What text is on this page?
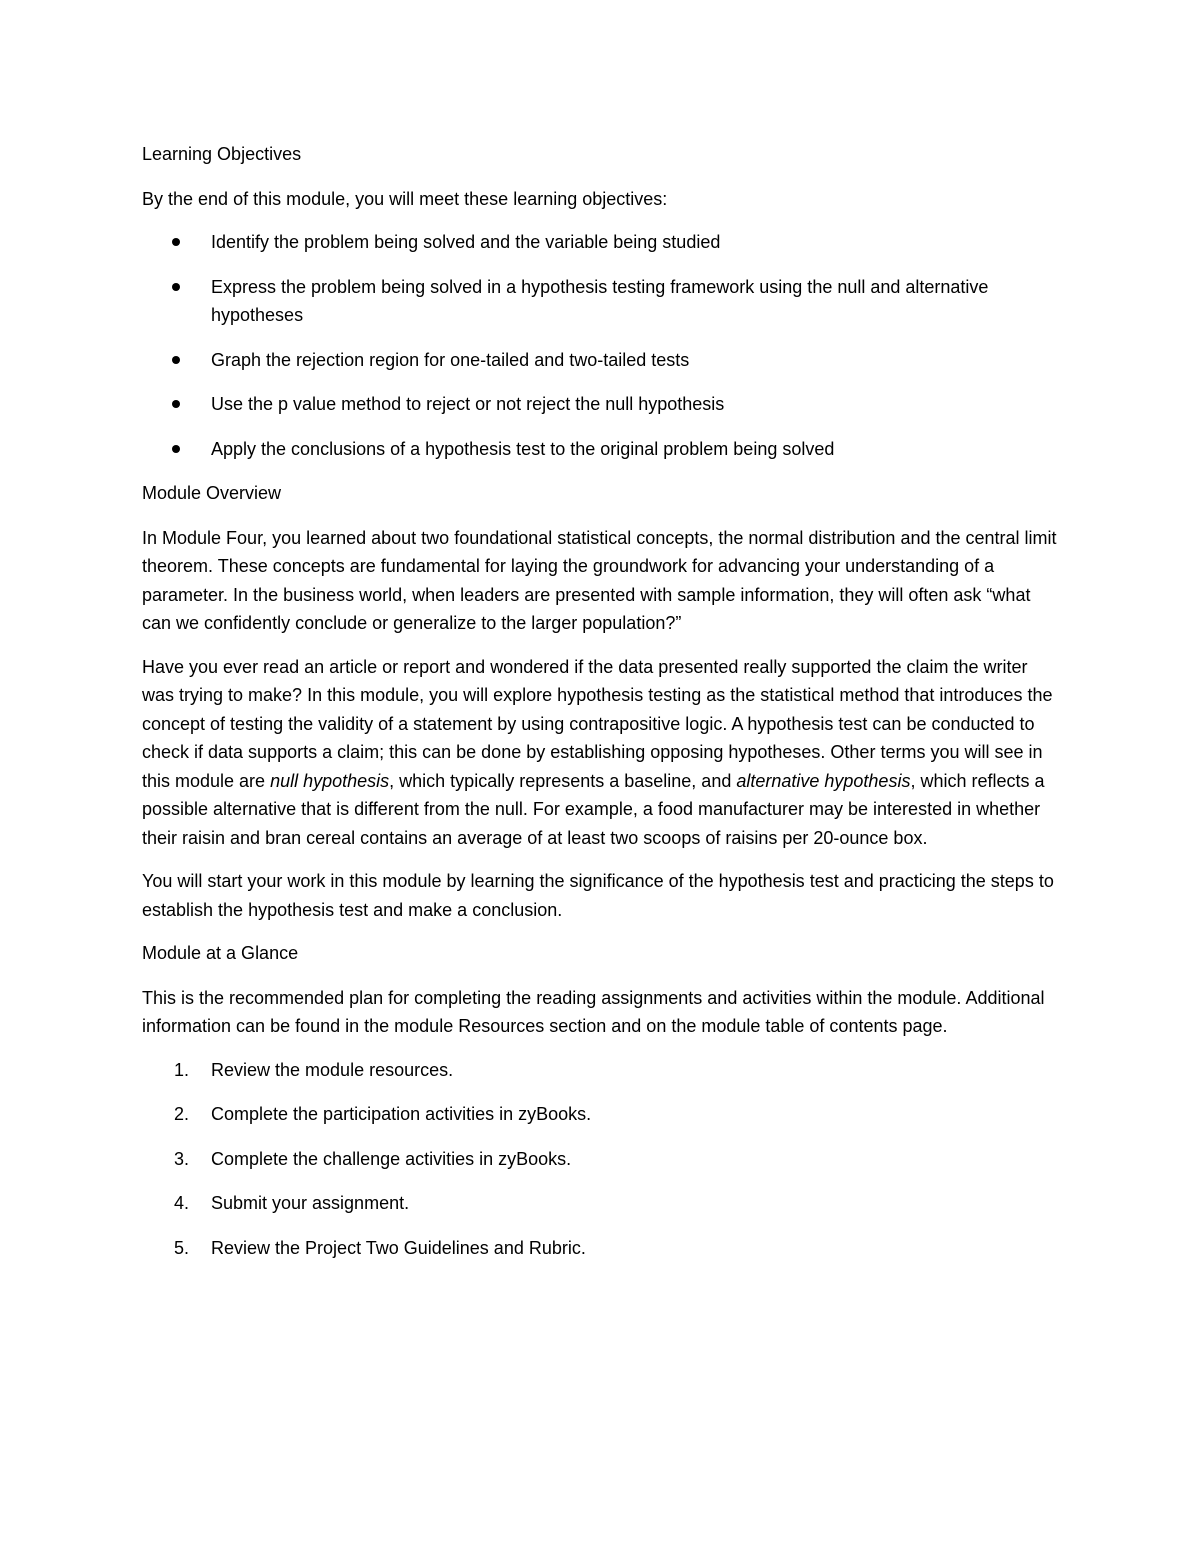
Learning Objectives

By the end of this module, you will meet these learning objectives:

Identify the problem being solved and the variable being studied
Express the problem being solved in a hypothesis testing framework using the null and alternative hypotheses
Graph the rejection region for one-tailed and two-tailed tests
Use the p value method to reject or not reject the null hypothesis
Apply the conclusions of a hypothesis test to the original problem being solved
Module Overview

In Module Four, you learned about two foundational statistical concepts, the normal distribution and the central limit theorem. These concepts are fundamental for laying the groundwork for advancing your understanding of a parameter. In the business world, when leaders are presented with sample information, they will often ask “what can we confidently conclude or generalize to the larger population?”

Have you ever read an article or report and wondered if the data presented really supported the claim the writer was trying to make? In this module, you will explore hypothesis testing as the statistical method that introduces the concept of testing the validity of a statement by using contrapositive logic. A hypothesis test can be conducted to check if data supports a claim; this can be done by establishing opposing hypotheses. Other terms you will see in this module are null hypothesis, which typically represents a baseline, and alternative hypothesis, which reflects a possible alternative that is different from the null. For example, a food manufacturer may be interested in whether their raisin and bran cereal contains an average of at least two scoops of raisins per 20-ounce box.

You will start your work in this module by learning the significance of the hypothesis test and practicing the steps to establish the hypothesis test and make a conclusion.

Module at a Glance

This is the recommended plan for completing the reading assignments and activities within the module. Additional information can be found in the module Resources section and on the module table of contents page.

1. Review the module resources.
2. Complete the participation activities in zyBooks.
3. Complete the challenge activities in zyBooks.
4. Submit your assignment.
5. Review the Project Two Guidelines and Rubric.
